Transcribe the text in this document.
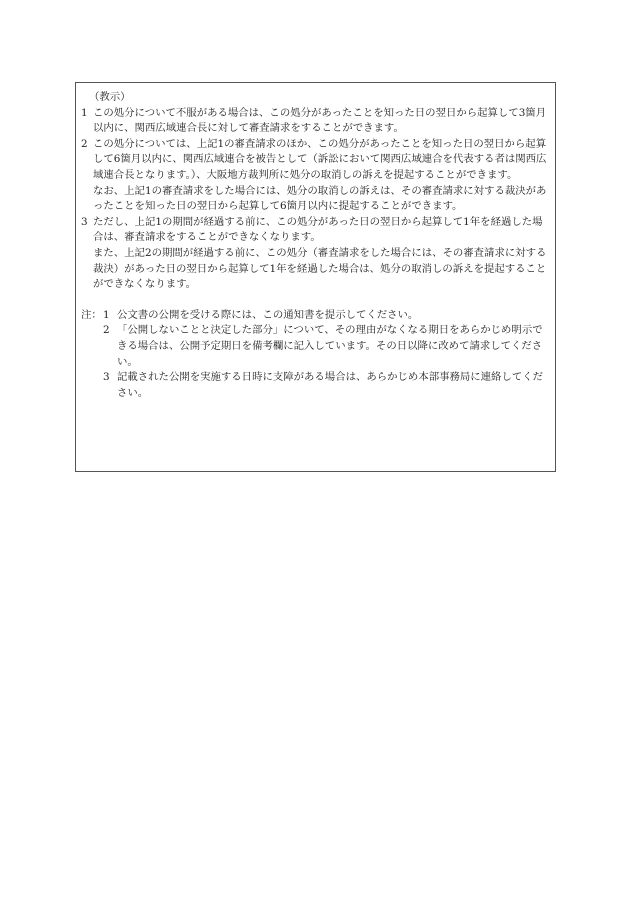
（教示）

1 この処分について不服がある場合は、この処分があったことを知った日の翌日から起算して3箇月以内に、関西広域連合長に対して審査請求をすることができます。
2 この処分については、上記1の審査請求のほか、この処分があったことを知った日の翌日から起算して6箇月以内に、関西広域連合を被告として（訴訟において関西広域連合を代表する者は関西広域連合長となります。）、大阪地方裁判所に処分の取消しの訴えを提起することができます。

なお、上記1の審査請求をした場合には、処分の取消しの訴えは、その審査請求に対する裁決があったことを知った日の翌日から起算して6箇月以内に提起することができます。

3 ただし、上記1の期間が経過する前に、この処分があった日の翌日から起算して1年を経過した場合は、審査請求をすることができなくなります。

また、上記2の期間が経過する前に、この処分（審査請求をした場合には、その審査請求に対する裁決）があった日の翌日から起算して1年を経過した場合は、処分の取消しの訴えを提起することができなくなります。

注： 1 公文書の公開を受ける際には、この通知書を提示してください。
2 「公開しないことと決定した部分」について、その理由がなくなる期日をあらかじめ明示できる場合は、公開予定期日を備考欄に記入しています。その日以降に改めて請求してください。
3 記載された公開を実施する日時に支障がある場合は、あらかじめ本部事務局に連絡してください。
